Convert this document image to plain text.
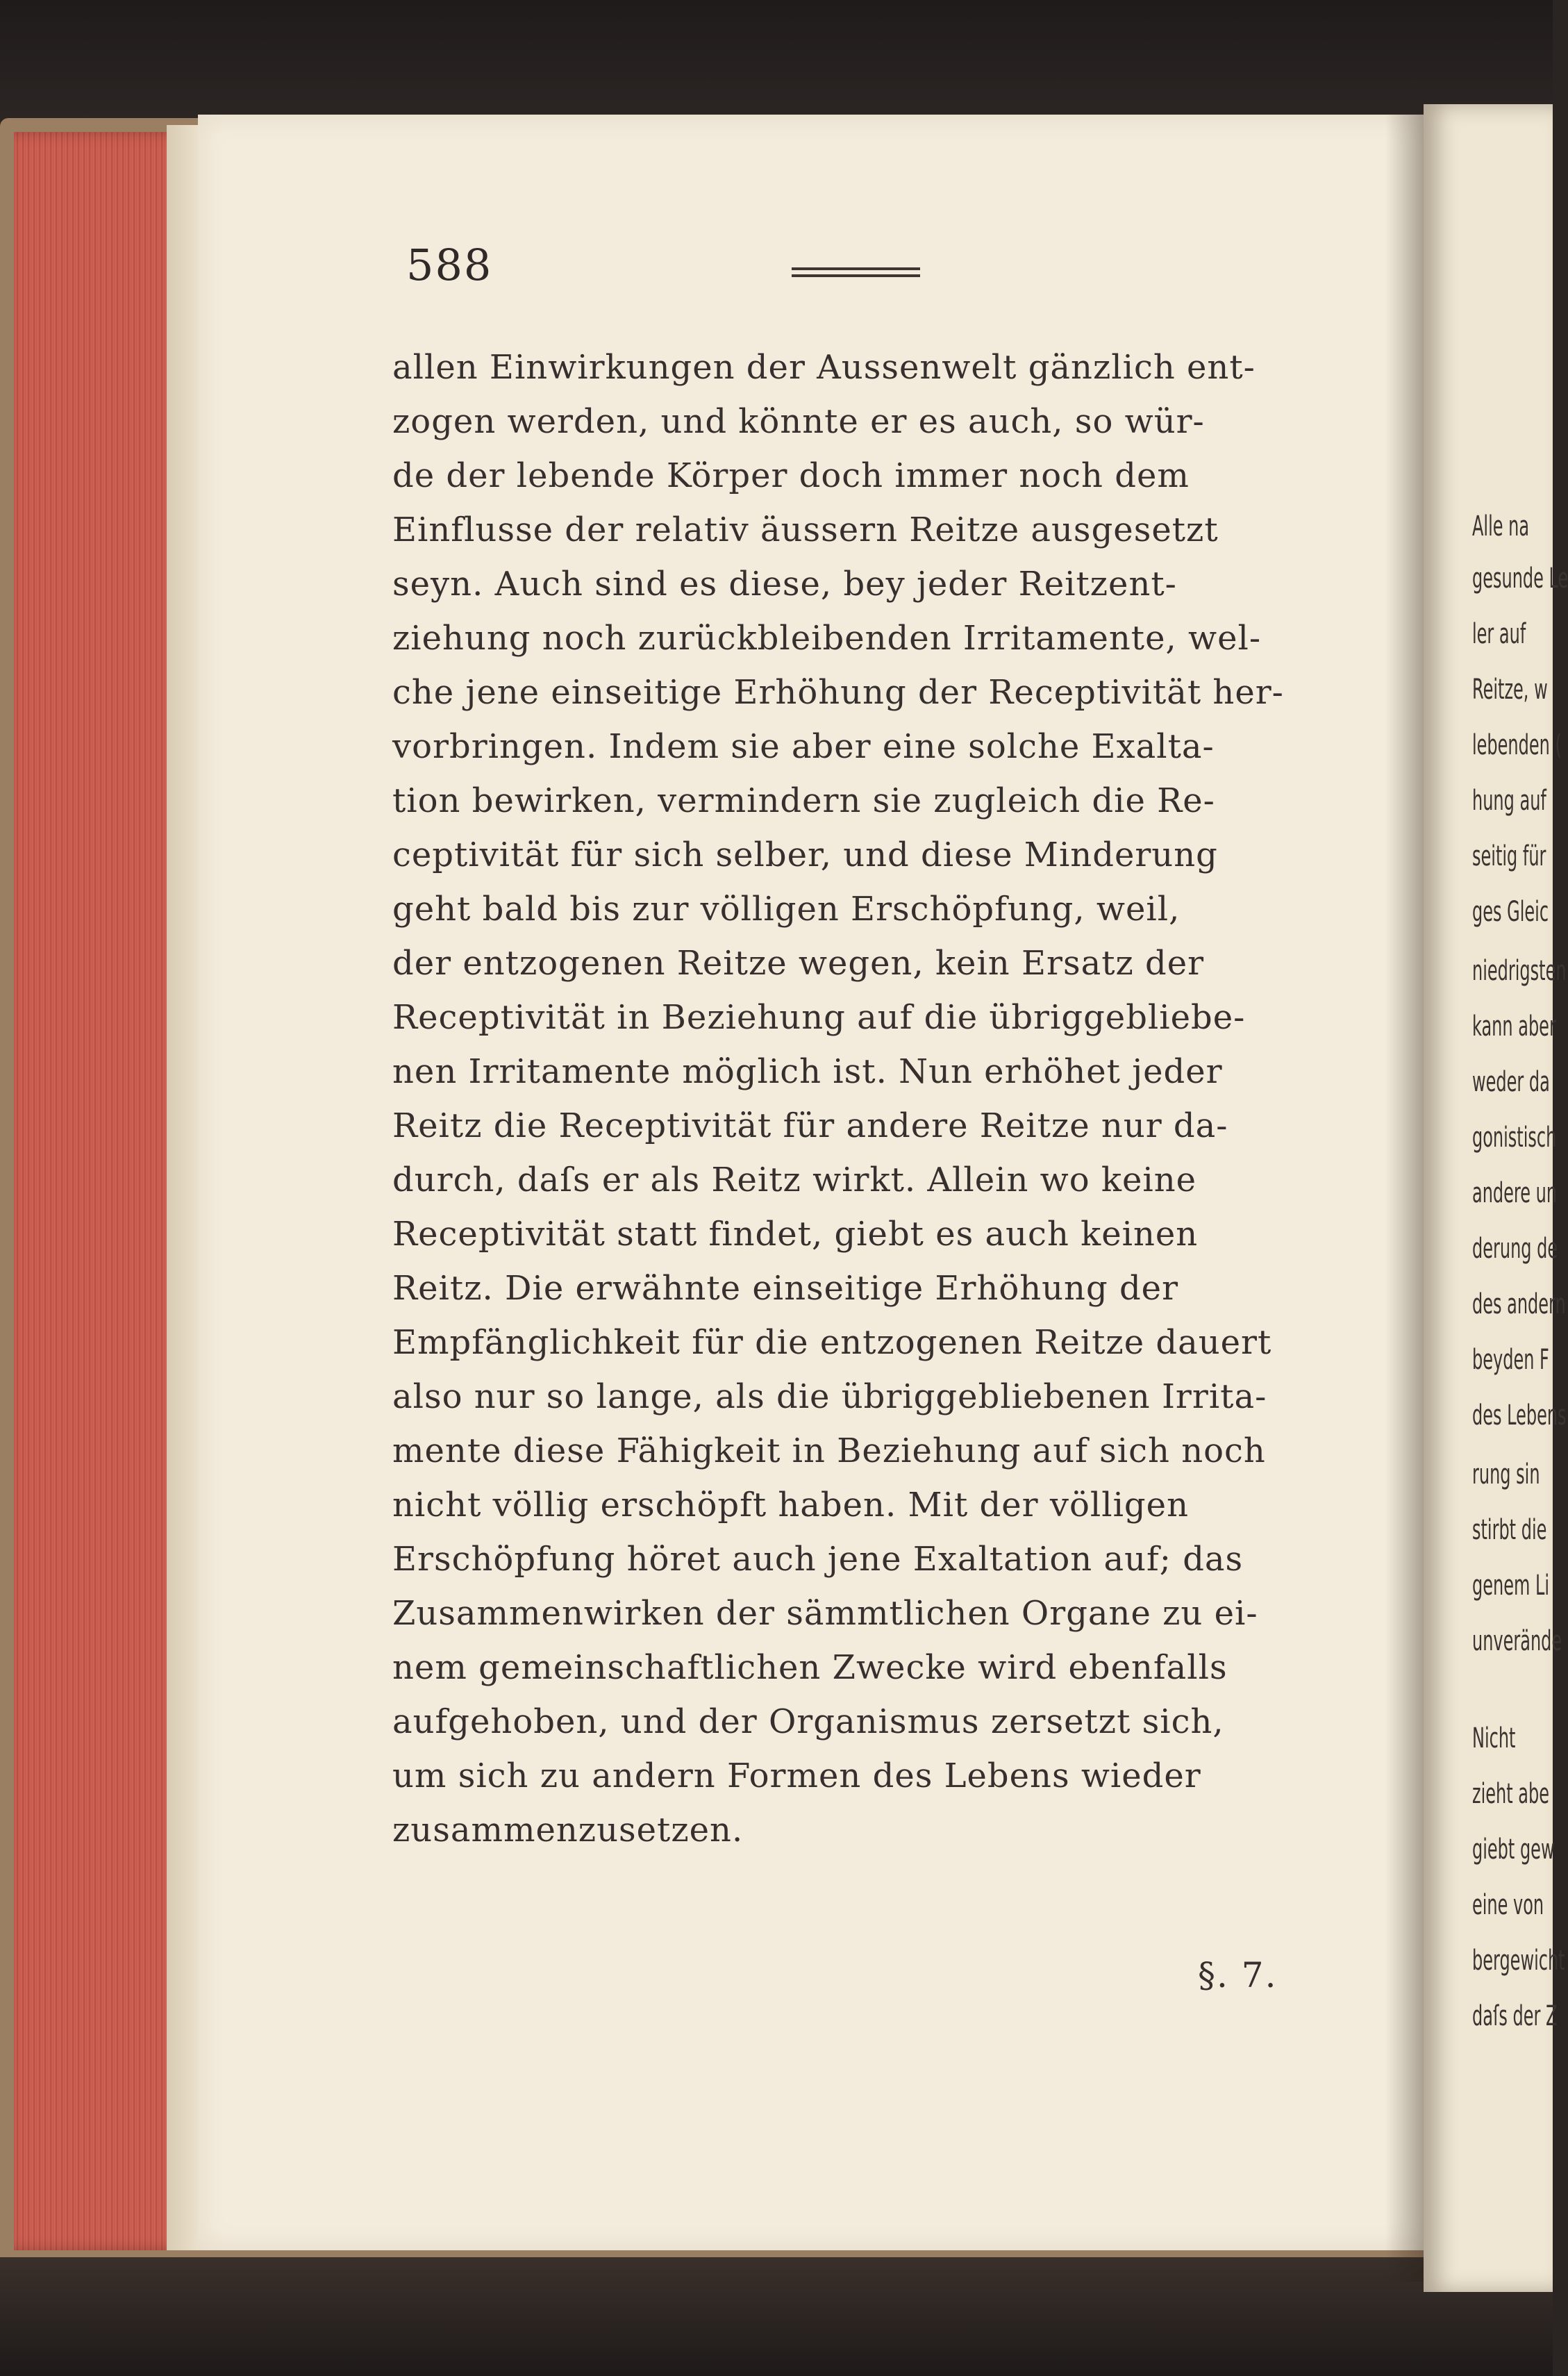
588
allen Einwirkungen der Aussenwelt gänzlich ent-
zogen werden, und könnte er es auch, so wür-
de der lebende Körper doch immer noch dem
Einflusse der relativ äussern Reitze ausgesetzt
seyn. Auch sind es diese, bey jeder Reitzent-
ziehung noch zurückbleibenden Irritamente, wel-
che jene einseitige Erhöhung der Receptivität her-
vorbringen. Indem sie aber eine solche Exalta-
tion bewirken, vermindern sie zugleich die Re-
ceptivität für sich selber, und diese Minderung
geht bald bis zur völligen Erschöpfung, weil,
der entzogenen Reitze wegen, kein Ersatz der
Receptivität in Beziehung auf die übriggebliebe-
nen Irritamente möglich ist. Nun erhöhet jeder
Reitz die Receptivität für andere Reitze nur da-
durch, daſs er als Reitz wirkt. Allein wo keine
Receptivität statt findet, giebt es auch keinen
Reitz. Die erwähnte einseitige Erhöhung der
Empfänglichkeit für die entzogenen Reitze dauert
also nur so lange, als die übriggebliebenen Irrita-
mente diese Fähigkeit in Beziehung auf sich noch
nicht völlig erschöpft haben. Mit der völligen
Erschöpfung höret auch jene Exaltation auf; das
Zusammenwirken der sämmtlichen Organe zu ei-
nem gemeinschaftlichen Zwecke wird ebenfalls
aufgehoben, und der Organismus zersetzt sich,
um sich zu andern Formen des Lebens wieder
zusammenzusetzen.
§. 7.
Alle na
gesunde Le
ler auf
Reitze, w
lebenden (
hung auf
seitig für
ges Gleic
niedrigsten
kann aber
weder da
gonistisch
andere un
derung de
des andern
beyden F
des Lebens
rung sin
stirbt die
genem Li
unverände
Nicht
zieht abe
giebt gew
eine von
bergewicht
daſs der Z
